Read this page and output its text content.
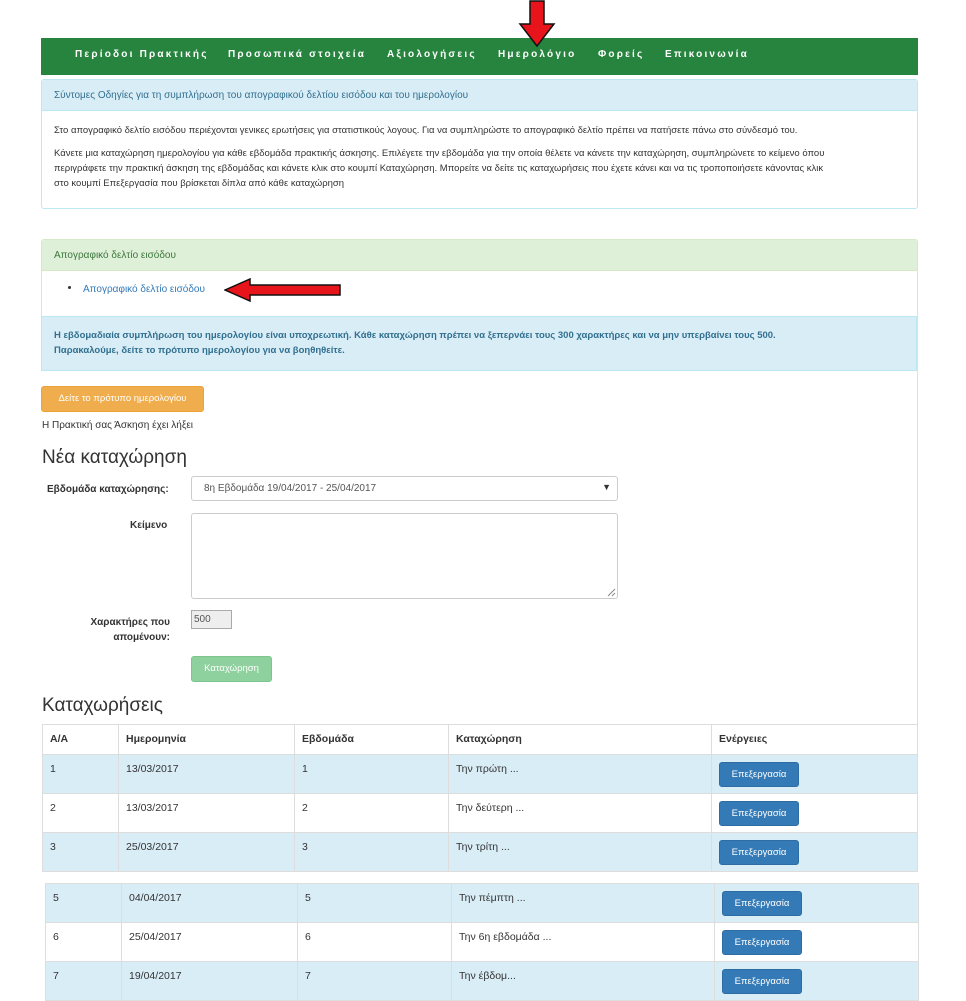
Περίοδοι Πρακτικής Προσωπικά στοιχεία Αξιολογήσεις Ημερολόγιο Φορείς Επικοινωνία
Σύντομες Οδηγίες για τη συμπλήρωση του απογραφικού δελτίου εισόδου και του ημερολογίου

Στο απογραφικό δελτίο εισόδου περιέχονται γενικες ερωτήσεις για στατιστικούς λογους. Για να συμπληρώστε το απογραφικό δελτίο πρέπει να πατήσετε πάνω στο σύνδεσμό του.

Κάνετε μια καταχώρηση ημερολογίου για κάθε εβδομάδα πρακτικής άσκησης. Επιλέγετε την εβδομάδα για την οποία θέλετε να κάνετε την καταχώρηση, συμπληρώνετε το κείμενο όπου
περιγράφετε την πρακτική άσκηση της εβδομάδας και κάνετε κλικ στο κουμπί Καταχώρηση. Μπορείτε να δείτε τις καταχωρήσεις που έχετε κάνει και να τις τροποποιήσετε κάνοντας κλικ
στο κουμπί Επεξεργασία που βρίσκεται δίπλα από κάθε καταχώρηση

Απογραφικό δελτίο εισόδου
Απογραφικό δελτίο εισόδου
Η εβδομαδιαία συμπλήρωση του ημερολογίου είναι υποχρεωτική. Κάθε καταχώρηση πρέπει να ξεπερνάει τους 300 χαρακτήρες και να μην υπερβαίνει τους 500.
Παρακαλούμε, δείτε το πρότυπο ημερολογίου για να βοηθηθείτε.
Δείτε το πρότυπο ημερολογίου
Η Πρακτική σας Άσκηση έχει λήξει
Νέα καταχώρηση
Εβδομάδα καταχώρησης:	8η Εβδομάδα 19/04/2017 - 25/04/2017	▼
Κείμενο
Χαρακτήρες που
απομένουν:
500
Καταχώρηση
Καταχωρήσεις
Α/Α	Ημερομηνία	Εβδομάδα	Καταχώρηση	Ενέργειες
1	13/03/2017	1	Την πρώτη ...	Επεξεργασία
2	13/03/2017	2	Την δεύτερη ...	Επεξεργασία
3	25/03/2017	3	Την τρίτη ...	Επεξεργασία
5	04/04/2017	5	Την πέμπτη ...	Επεξεργασία
6	25/04/2017	6	Την 6η εβδομάδα ...	Επεξεργασία
7	19/04/2017	7	Την έβδομ...	Επεξεργασία
